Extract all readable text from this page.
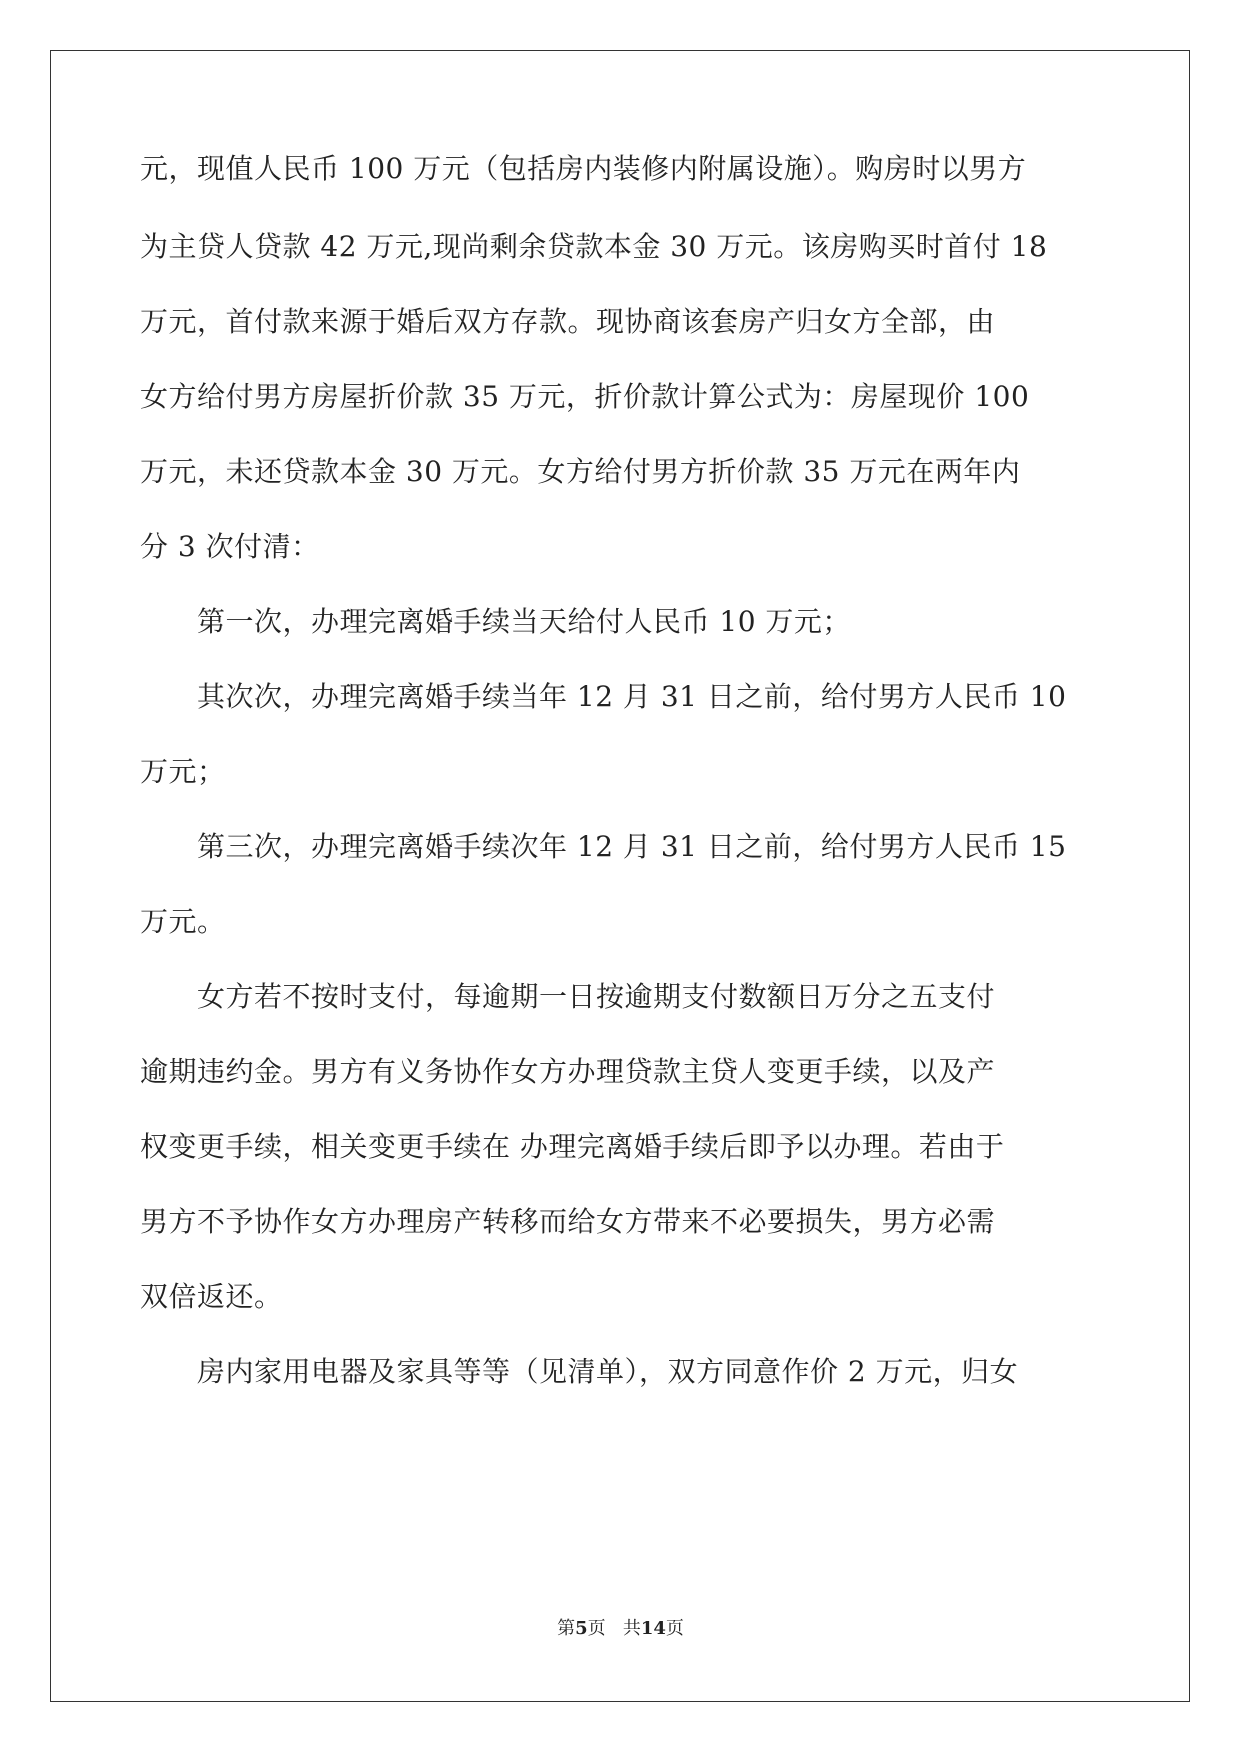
元，现值人民币 100 万元（包括房内装修内附属设施）。购房时以男方
为主贷人贷款 42 万元,现尚剩余贷款本金 30 万元。该房购买时首付 18
万元，首付款来源于婚后双方存款。现协商该套房产归女方全部，由
女方给付男方房屋折价款 35 万元，折价款计算公式为：房屋现价 100
万元，未还贷款本金 30 万元。女方给付男方折价款 35 万元在两年内
分 3 次付清：
第一次，办理完离婚手续当天给付人民币 10 万元；
其次次，办理完离婚手续当年 12 月 31 日之前，给付男方人民币 10
万元；
第三次，办理完离婚手续次年 12 月 31 日之前，给付男方人民币 15
万元。
女方若不按时支付，每逾期一日按逾期支付数额日万分之五支付
逾期违约金。男方有义务协作女方办理贷款主贷人变更手续，以及产
权变更手续，相关变更手续在 办理完离婚手续后即予以办理。若由于
男方不予协作女方办理房产转移而给女方带来不必要损失，男方必需
双倍返还。
房内家用电器及家具等等（见清单），双方同意作价 2 万元，归女
第5页 共14页
